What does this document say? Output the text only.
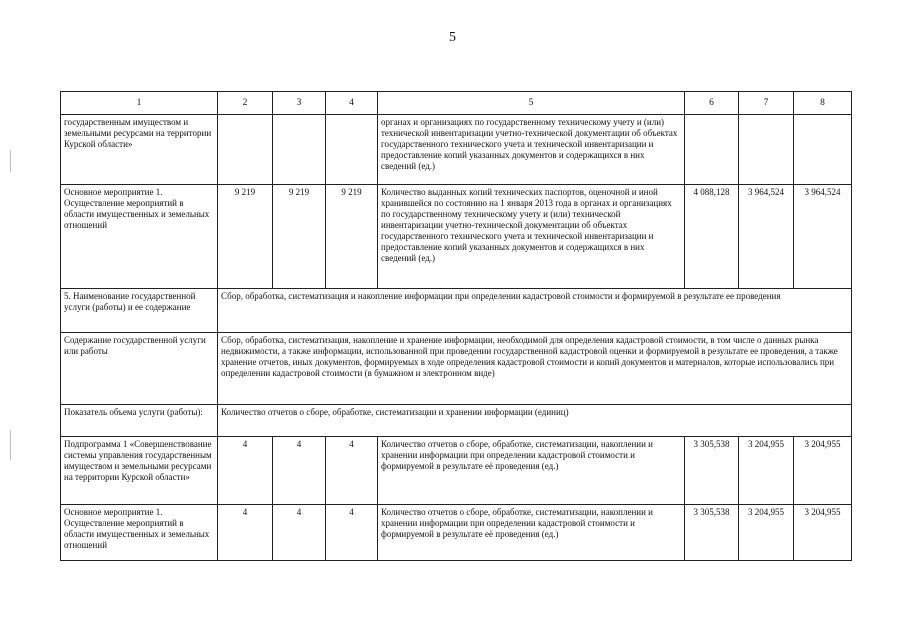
5
1	2	3	4	5	6	7	8
государственным имуществом и земельными ресурсами на территории Курской области»				органах и организациях по государственному техническому учету и (или) технической инвентаризации учетно-технической документации об объектах государственного технического учета и технической инвентаризации и предоставление копий указанных документов и содержащихся в них сведений (ед.)			
Основное мероприятие 1. Осуществление мероприятий в области имущественных и земельных отношений	9 219	9 219	9 219	Количество выданных копий технических паспортов, оценочной и иной хранившейся по состоянию на 1 января 2013 года в органах и организациях по государственному техническому учету и (или) технической инвентаризации учетно-технической документации об объектах государственного технического учета и технической инвентаризации и предоставление копий указанных документов и содержащихся в них сведений (ед.)	4 088,128	3 964,524	3 964,524
5. Наименование государственной услуги (работы) и ее содержание	Сбор, обработка, систематизация и накопление информации при определении кадастровой стоимости и формируемой в результате ее проведения						
Содержание государственной услуги или работы	Сбор, обработка, систематизация, накопление и хранение информации, необходимой для определения кадастровой стоимости, в том числе о данных рынка недвижимости, а также информации, использованной при проведении государственной кадастровой оценки и формируемой в результате ее проведения, а также хранение отчетов, иных документов, формируемых в ходе определения кадастровой стоимости и копий документов и материалов, которые использовались при определении кадастровой стоимости (в бумажном и электронном виде)						
Показатель объема услуги (работы):	Количество отчетов о сборе, обработке, систематизации и хранении информации (единиц)						
Подпрограмма 1 «Совершенствование системы управления государственным имуществом и земельными ресурсами на территории Курской области»	4	4	4	Количество отчетов о сборе, обработке, систематизации, накоплении и хранении информации при определении кадастровой стоимости и формируемой в результате её проведения (ед.)	3 305,538	3 204,955	3 204,955
Основное мероприятие 1. Осуществление мероприятий в области имущественных и земельных отношений	4	4	4	Количество отчетов о сборе, обработке, систематизации, накоплении и хранении информации при определении кадастровой стоимости и формируемой в результате её проведения (ед.)	3 305,538	3 204,955	3 204,955
